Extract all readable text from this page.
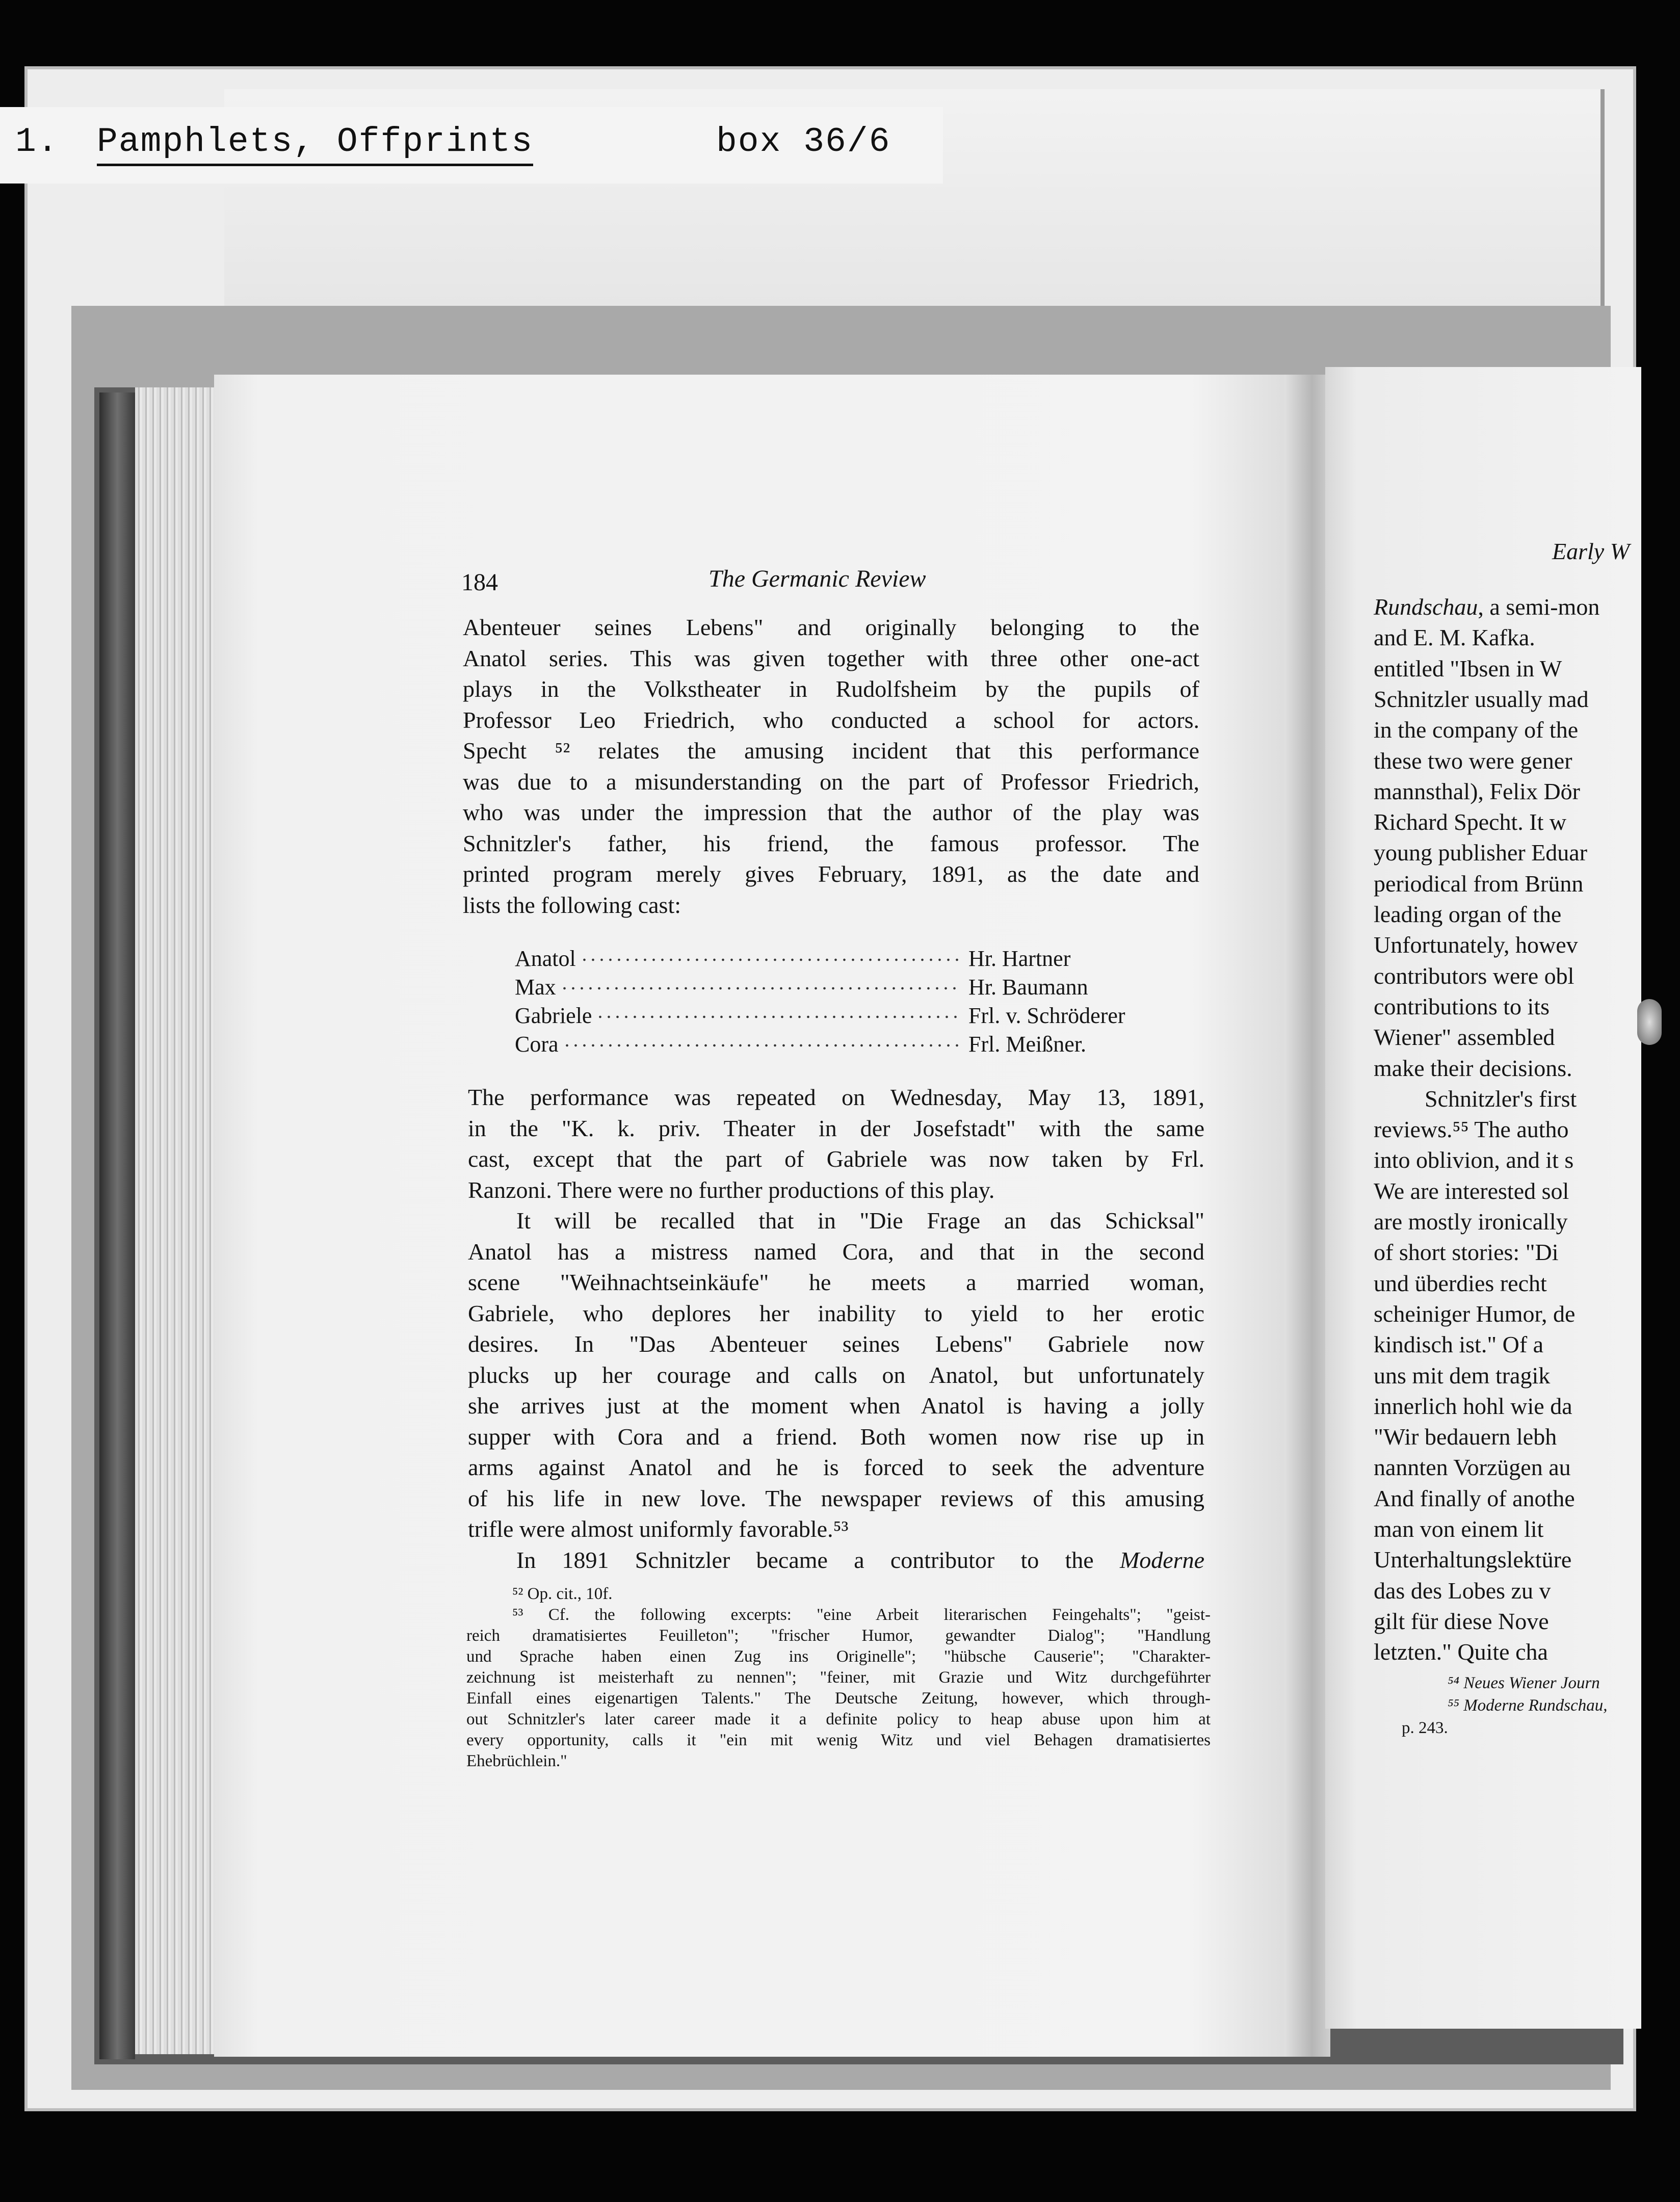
1. Pamphlets, Offprints	box 36/6
184	The Germanic Review
Abenteuer seines Lebens" and originally belonging to the
Anatol series. This was given together with three other one-act
plays in the Volkstheater in Rudolfsheim by the pupils of
Professor Leo Friedrich, who conducted a school for actors.
Specht ⁵² relates the amusing incident that this performance
was due to a misunderstanding on the part of Professor Friedrich,
who was under the impression that the author of the play was
Schnitzler's father, his friend, the famous professor. The
printed program merely gives February, 1891, as the date and
lists the following cast:
Anatol	Hr. Hartner
Max	Hr. Baumann
Gabriele	Frl. v. Schröderer
Cora	Frl. Meißner.
The performance was repeated on Wednesday, May 13, 1891,
in the "K. k. priv. Theater in der Josefstadt" with the same
cast, except that the part of Gabriele was now taken by Frl.
Ranzoni. There were no further productions of this play.
It will be recalled that in "Die Frage an das Schicksal"
Anatol has a mistress named Cora, and that in the second
scene "Weihnachtseinkäufe" he meets a married woman,
Gabriele, who deplores her inability to yield to her erotic
desires. In "Das Abenteuer seines Lebens" Gabriele now
plucks up her courage and calls on Anatol, but unfortunately
she arrives just at the moment when Anatol is having a jolly
supper with Cora and a friend. Both women now rise up in
arms against Anatol and he is forced to seek the adventure
of his life in new love. The newspaper reviews of this amusing
trifle were almost uniformly favorable.⁵³
In 1891 Schnitzler became a contributor to the Moderne
⁵² Op. cit., 10f.
⁵³ Cf. the following excerpts: "eine Arbeit literarischen Feingehalts"; "geist-
reich dramatisiertes Feuilleton"; "frischer Humor, gewandter Dialog"; "Handlung
und Sprache haben einen Zug ins Originelle"; "hübsche Causerie"; "Charakter-
zeichnung ist meisterhaft zu nennen"; "feiner, mit Grazie und Witz durchgeführter
Einfall eines eigenartigen Talents." The Deutsche Zeitung, however, which through-
out Schnitzler's later career made it a definite policy to heap abuse upon him at
every opportunity, calls it "ein mit wenig Witz und viel Behagen dramatisiertes
Ehebrüchlein."
Early W
Rundschau, a semi-mon
and E. M. Kafka.
entitled "Ibsen in W
Schnitzler usually mad
in the company of the
these two were gener
mannsthal), Felix Dör
Richard Specht. It w
young publisher Eduar
periodical from Brünn
leading organ of the
Unfortunately, howev
contributors were obl
contributions to its
Wiener" assembled
make their decisions.
Schnitzler's first
reviews.⁵⁵ The autho
into oblivion, and it s
We are interested sol
are mostly ironically
of short stories: "Di
und überdies recht
scheiniger Humor, de
kindisch ist." Of a
uns mit dem tragik
innerlich hohl wie da
"Wir bedauern lebh
nannten Vorzügen au
And finally of anothe
man von einem lit
Unterhaltungslektüre
das des Lobes zu v
gilt für diese Nove
letzten." Quite cha
⁵⁴ Neues Wiener Journ
⁵⁵ Moderne Rundschau,
p. 243.
